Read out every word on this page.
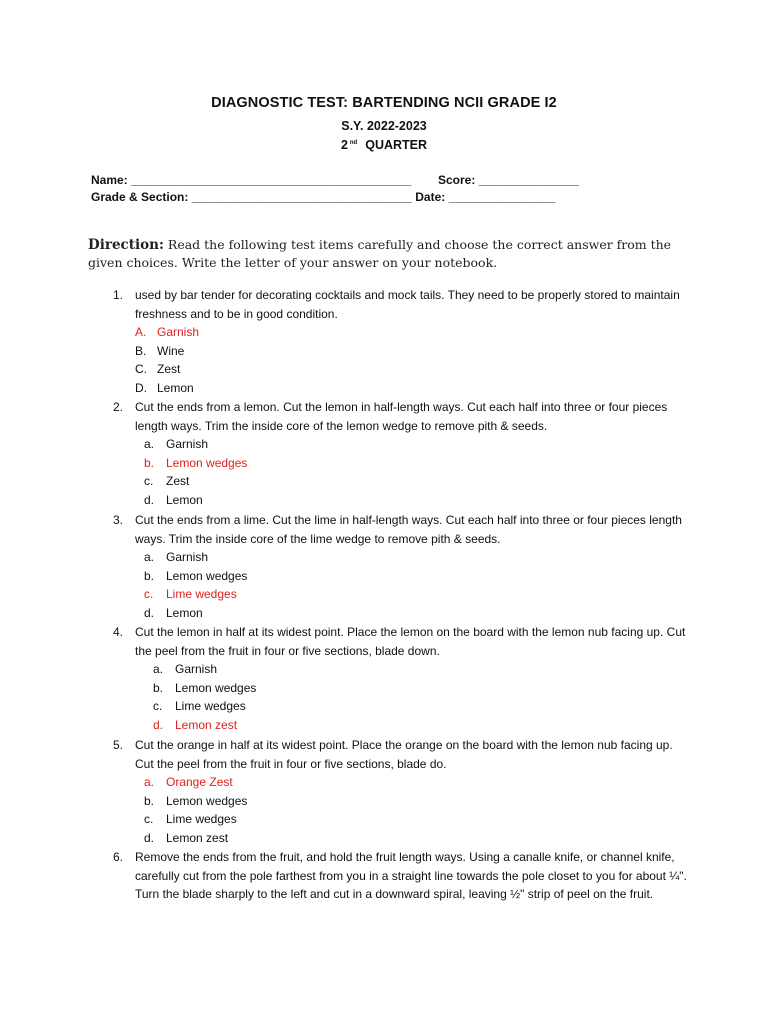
DIAGNOSTIC TEST: BARTENDING NCII GRADE I2
S.Y. 2022-2023
2 $^{nd}$ QUARTER
Name: __________________________________________        Score: _______________
Grade & Section: _________________________________ Date: ________________
Direction: Read the following test items carefully and choose the correct answer from the given choices. Write the letter of your answer on your notebook.
1. used by bar tender for decorating cocktails and mock tails. They need to be properly stored to maintain freshness and to be in good condition.
A. Garnish
B. Wine
C. Zest
D. Lemon
2. Cut the ends from a lemon. Cut the lemon in half-length ways. Cut each half into three or four pieces length ways. Trim the inside core of the lemon wedge to remove pith & seeds.
a. Garnish
b. Lemon wedges
c. Zest
d. Lemon
3. Cut the ends from a lime. Cut the lime in half-length ways. Cut each half into three or four pieces length ways. Trim the inside core of the lime wedge to remove pith & seeds.
a. Garnish
b. Lemon wedges
c. Lime wedges
d. Lemon
4. Cut the lemon in half at its widest point. Place the lemon on the board with the lemon nub facing up. Cut the peel from the fruit in four or five sections, blade down.
a. Garnish
b. Lemon wedges
c. Lime wedges
d. Lemon zest
5. Cut the orange in half at its widest point. Place the orange on the board with the lemon nub facing up. Cut the peel from the fruit in four or five sections, blade do.
a. Orange Zest
b. Lemon wedges
c. Lime wedges
d. Lemon zest
6. Remove the ends from the fruit, and hold the fruit length ways. Using a canalle knife, or channel knife, carefully cut from the pole farthest from you in a straight line towards the pole closet to you for about ¼". Turn the blade sharply to the left and cut in a downward spiral, leaving ½" strip of peel on the fruit.
